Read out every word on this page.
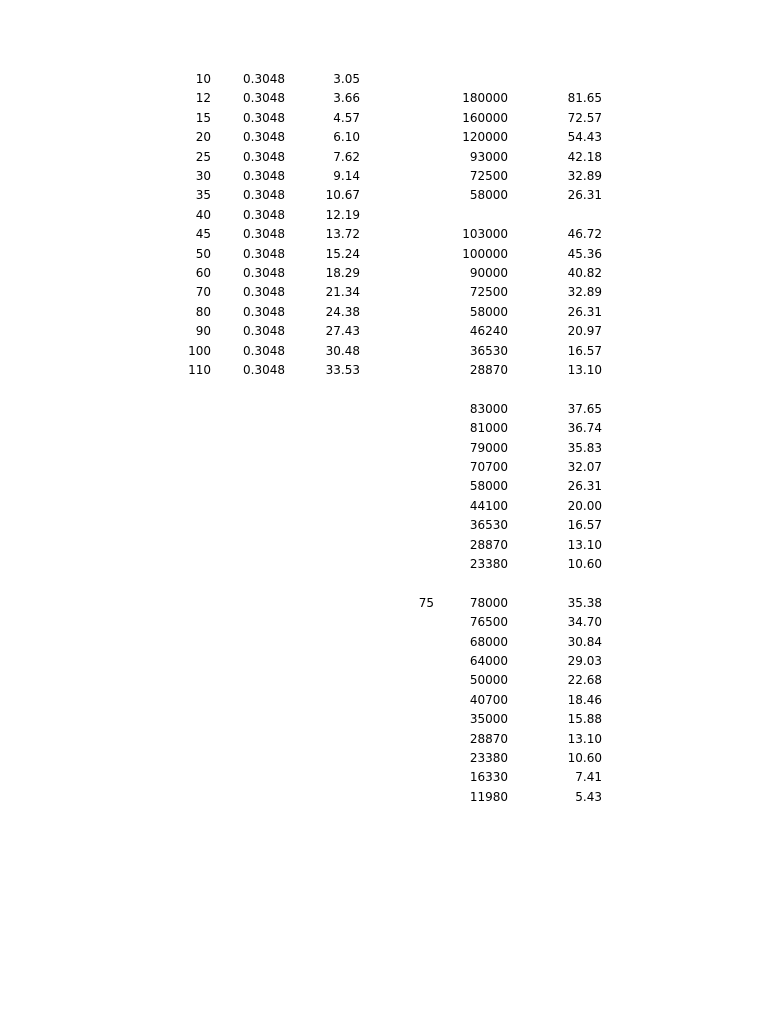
10	0.3048	3.05
12	0.3048	3.66
15	0.3048	4.57
20	0.3048	6.10
25	0.3048	7.62
30	0.3048	9.14
35	0.3048	10.67
40	0.3048	12.19
45	0.3048	13.72
50	0.3048	15.24
60	0.3048	18.29
70	0.3048	21.34
80	0.3048	24.38
90	0.3048	27.43
100	0.3048	30.48
110	0.3048	33.53
180000	81.65
160000	72.57
120000	54.43
93000	42.18
72500	32.89
58000	26.31
103000	46.72
100000	45.36
90000	40.82
72500	32.89
58000	26.31
46240	20.97
36530	16.57
28870	13.10
83000	37.65
81000	36.74
79000	35.83
70700	32.07
58000	26.31
44100	20.00
36530	16.57
28870	13.10
23380	10.60
75	78000	35.38
76500	34.70
68000	30.84
64000	29.03
50000	22.68
40700	18.46
35000	15.88
28870	13.10
23380	10.60
16330	7.41
11980	5.43
